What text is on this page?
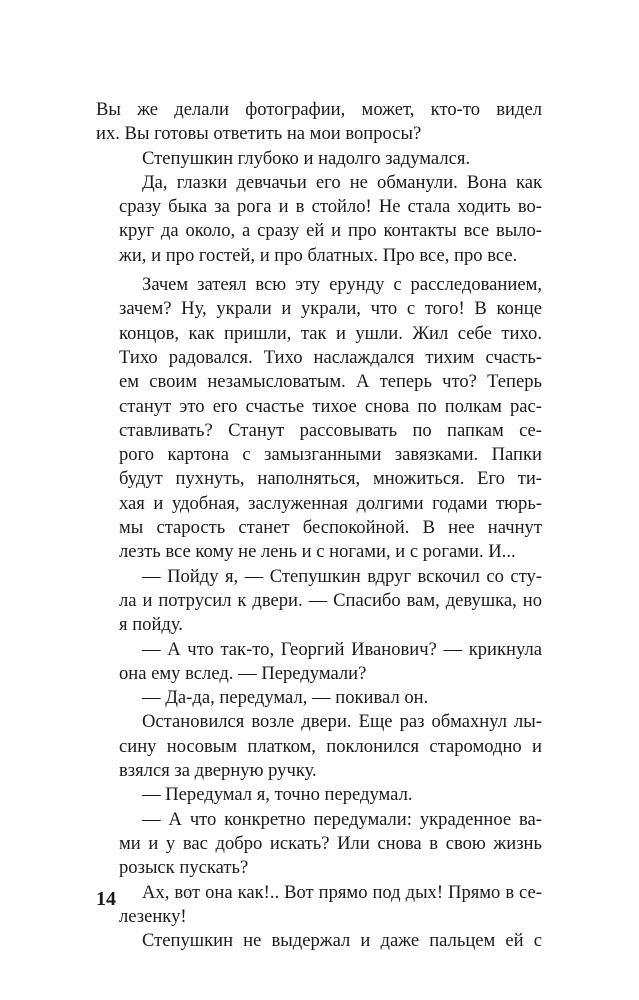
Вы же делали фотографии, может, кто-то видел
их. Вы готовы ответить на мои вопросы?
Степушкин глубоко и надолго задумался.
Да, глазки девчачьи его не обманули. Вона как
сразу быка за рога и в стойло! Не стала ходить во-
круг да около, а сразу ей и про контакты все выло-
жи, и про гостей, и про блатных. Про все, про все.
Зачем затеял всю эту ерунду с расследованием,
зачем? Ну, украли и украли, что с того! В конце
концов, как пришли, так и ушли. Жил себе тихо.
Тихо радовался. Тихо наслаждался тихим счасть-
ем своим незамысловатым. А теперь что? Теперь
станут это его счастье тихое снова по полкам рас-
ставливать? Станут рассовывать по папкам се-
рого картона с замызганными завязками. Папки
будут пухнуть, наполняться, множиться. Его ти-
хая и удобная, заслуженная долгими годами тюрь-
мы старость станет беспокойной. В нее начнут
лезть все кому не лень и с ногами, и с рогами. И...
— Пойду я, — Степушкин вдруг вскочил со сту-
ла и потрусил к двери. — Спасибо вам, девушка, но
я пойду.
— А что так-то, Георгий Иванович? — крикнула
она ему вслед. — Передумали?
— Да-да, передумал, — покивал он.
Остановился возле двери. Еще раз обмахнул лы-
сину носовым платком, поклонился старомодно и
взялся за дверную ручку.
— Передумал я, точно передумал.
— А что конкретно передумали: украденное ва-
ми и у вас добро искать? Или снова в свою жизнь
розыск пускать?
Ах, вот она как!.. Вот прямо под дых! Прямо в се-
лезенку!
Степушкин не выдержал и даже пальцем ей с
14
